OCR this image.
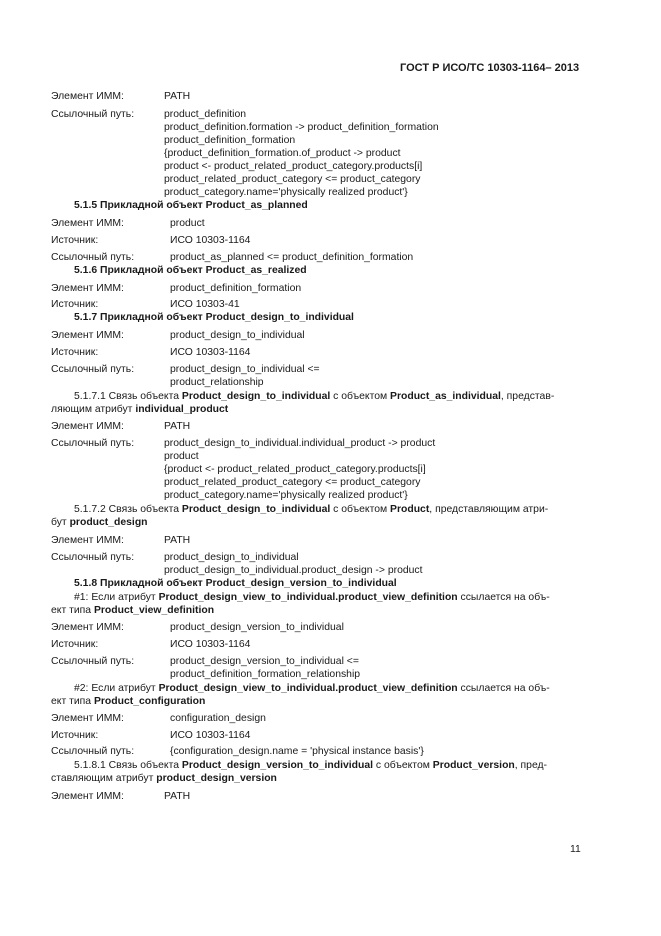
ГОСТ Р ИСО/ТС 10303-1164– 2013
Элемент ИММ:	PATH
Ссылочный путь:	product_definition
product_definition.formation -> product_definition_formation
product_definition_formation
{product_definition_formation.of_product -> product
product <- product_related_product_category.products[i]
product_related_product_category <= product_category
product_category.name='physically realized product'}
5.1.5 Прикладной объект Product_as_planned
Элемент ИММ:	product
Источник:	ИСО 10303-1164
Ссылочный путь:	product_as_planned <= product_definition_formation
5.1.6 Прикладной объект Product_as_realized
Элемент ИММ:	product_definition_formation
Источник:	ИСО 10303-41
5.1.7 Прикладной объект Product_design_to_individual
Элемент ИММ:	product_design_to_individual
Источник:	ИСО 10303-1164
Ссылочный путь:	product_design_to_individual <=
product_relationship
5.1.7.1 Связь объекта Product_design_to_individual с объектом Product_as_individual, представ-
ляющим атрибут individual_product
Элемент ИММ:	PATH
Ссылочный путь:	product_design_to_individual.individual_product -> product
product
{product <- product_related_product_category.products[i]
product_related_product_category <= product_category
product_category.name='physically realized product'}
5.1.7.2 Связь объекта Product_design_to_individual с объектом Product, представляющим атри-
бут product_design
Элемент ИММ:	PATH
Ссылочный путь:	product_design_to_individual
product_design_to_individual.product_design -> product
5.1.8 Прикладной объект Product_design_version_to_individual
#1: Если атрибут Product_design_view_to_individual.product_view_definition ссылается на объ-
ект типа Product_view_definition
Элемент ИММ:	product_design_version_to_individual
Источник:	ИСО 10303-1164
Ссылочный путь:	product_design_version_to_individual <=
product_definition_formation_relationship
#2: Если атрибут Product_design_view_to_individual.product_view_definition ссылается на объ-
ект типа Product_configuration
Элемент ИММ:	configuration_design
Источник:	ИСО 10303-1164
Ссылочный путь:	{configuration_design.name = 'physical instance basis'}
5.1.8.1 Связь объекта Product_design_version_to_individual с объектом Product_version, пред-
ставляющим атрибут product_design_version
Элемент ИММ:	PATH
11
